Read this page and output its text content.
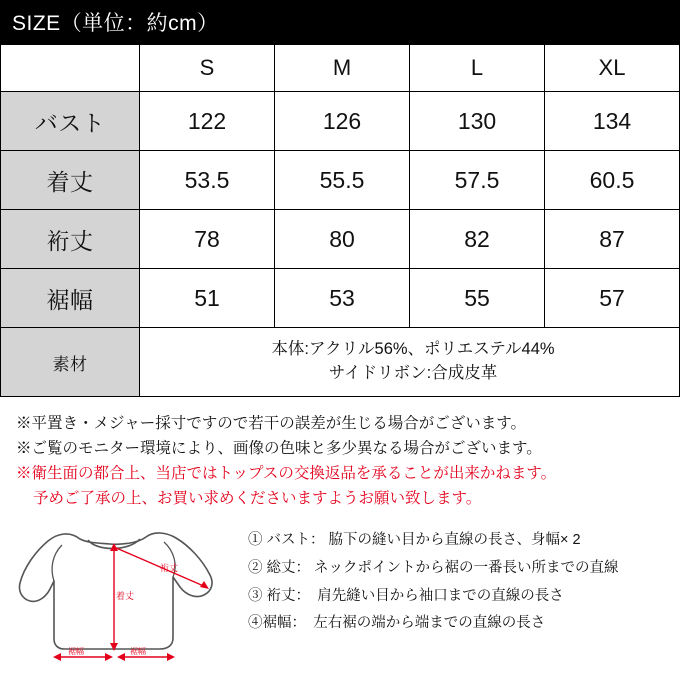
SIZE（単位：約cm）
	S	M	L	XL
バスト	122	126	130	134
着丈	53.5	55.5	57.5	60.5
裄丈	78	80	82	87
裾幅	51	53	55	57
素材	本体:アクリル56%、ポリエステル44%
サイドリボン:合成皮革			
※平置き・メジャー採寸ですので若干の誤差が生じる場合がございます。
※ご覧のモニター環境により、画像の色味と多少異なる場合がございます。
※衛生面の都合上、当店ではトップスの交換返品を承ることが出来かねます。
予めご了承の上、お買い求めくださいますようお願い致します。
着丈
裄丈
裾幅	裾幅
① バスト： 脇下の縫い目から直線の長さ、身幅× 2
② 総丈： ネックポイントから裾の一番長い所までの直線
③ 裄丈：　肩先縫い目から袖口までの直線の長さ
④裾幅：　左右裾の端から端までの直線の長さ
